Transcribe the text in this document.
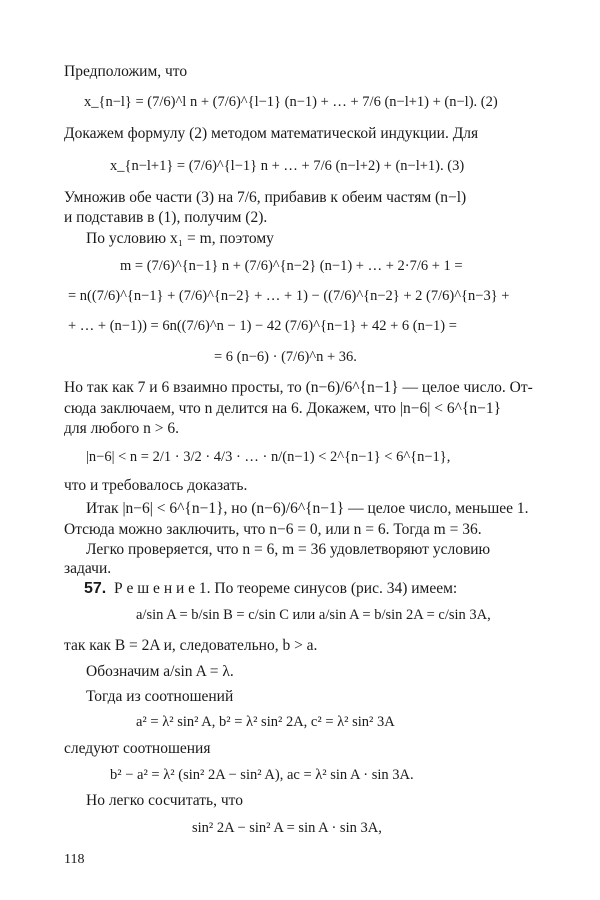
Предположим, что
x_{n−l} = (7/6)^l n + (7/6)^{l−1} (n−1) + … + 7/6 (n−l+1) + (n−l). (2)
Докажем формулу (2) методом математической индукции. Для
x_{n−l+1} = (7/6)^{l−1} n + … + 7/6 (n−l+2) + (n−l+1). (3)
Умножив обе части (3) на 7/6, прибавив к обеим частям (n−l)
и подставив в (1), получим (2).
По условию x₁ = m, поэтому
m = (7/6)^{n−1} n + (7/6)^{n−2} (n−1) + … + 2·7/6 + 1 =
= n((7/6)^{n−1} + (7/6)^{n−2} + … + 1) − ((7/6)^{n−2} + 2 (7/6)^{n−3} +
+ … + (n−1)) = 6n((7/6)^n − 1) − 42 (7/6)^{n−1} + 42 + 6 (n−1) =
= 6 (n−6) · (7/6)^n + 36.
Но так как 7 и 6 взаимно просты, то (n−6)/6^{n−1} — целое число. От-
сюда заключаем, что n делится на 6. Докажем, что |n−6| < 6^{n−1}
для любого n > 6.
|n−6| < n = 2/1 · 3/2 · 4/3 · … · n/(n−1) < 2^{n−1} < 6^{n−1},
что и требовалось доказать.
Итак |n−6| < 6^{n−1}, но (n−6)/6^{n−1} — целое число, меньшее 1.
Отсюда можно заключить, что n−6 = 0, или n = 6. Тогда m = 36.
Легко проверяется, что n = 6, m = 36 удовлетворяют условию
задачи.
57. Р е ш е н и е 1. По теореме синусов (рис. 34) имеем:
a/sin A = b/sin B = c/sin C или a/sin A = b/sin 2A = c/sin 3A,
так как B = 2A и, следовательно, b > a.
Обозначим a/sin A = λ.
Тогда из соотношений
a² = λ² sin² A, b² = λ² sin² 2A, c² = λ² sin² 3A
следуют соотношения
b² − a² = λ² (sin² 2A − sin² A), ac = λ² sin A · sin 3A.
Но легко сосчитать, что
sin² 2A − sin² A = sin A · sin 3A,
118
